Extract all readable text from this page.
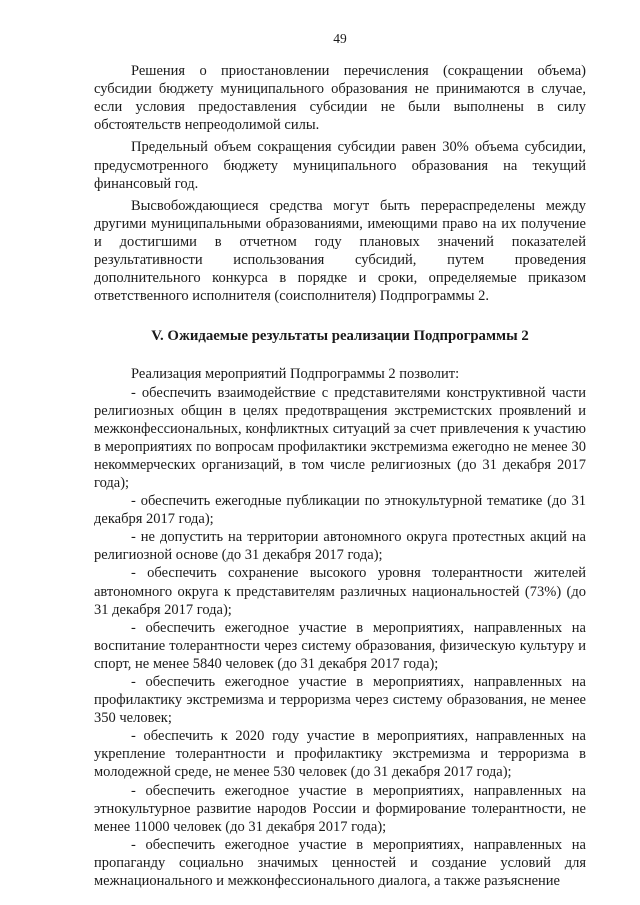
49

Решения о приостановлении перечисления (сокращении объема) субсидии бюджету муниципального образования не принимаются в случае, если условия предоставления субсидии не были выполнены в силу обстоятельств непреодолимой силы.

Предельный объем сокращения субсидии равен 30% объема субсидии, предусмотренного бюджету муниципального образования на текущий финансовый год.

Высвобождающиеся средства могут быть перераспределены между другими муниципальными образованиями, имеющими право на их получение и достигшими в отчетном году плановых значений показателей результативности использования субсидий, путем проведения дополнительного конкурса в порядке и сроки, определяемые приказом ответственного исполнителя (соисполнителя) Подпрограммы 2.

V. Ожидаемые результаты реализации Подпрограммы 2

Реализация мероприятий Подпрограммы 2 позволит:

- обеспечить взаимодействие с представителями конструктивной части религиозных общин в целях предотвращения экстремистских проявлений и межконфессиональных, конфликтных ситуаций за счет привлечения к участию в мероприятиях по вопросам профилактики экстремизма ежегодно не менее 30 некоммерческих организаций, в том числе религиозных (до 31 декабря 2017 года);
- обеспечить ежегодные публикации по этнокультурной тематике (до 31 декабря 2017 года);
- не допустить на территории автономного округа протестных акций на религиозной основе (до 31 декабря 2017 года);
- обеспечить сохранение высокого уровня толерантности жителей автономного округа к представителям различных национальностей (73%) (до 31 декабря 2017 года);
- обеспечить ежегодное участие в мероприятиях, направленных на воспитание толерантности через систему образования, физическую культуру и спорт, не менее 5840 человек (до 31 декабря 2017 года);
- обеспечить ежегодное участие в мероприятиях, направленных на профилактику экстремизма и терроризма через систему образования, не менее 350 человек;
- обеспечить к 2020 году участие в мероприятиях, направленных на укрепление толерантности и профилактику экстремизма и терроризма в молодежной среде, не менее 530 человек (до 31 декабря 2017 года);
- обеспечить ежегодное участие в мероприятиях, направленных на этнокультурное развитие народов России и формирование толерантности, не менее 11000 человек (до 31 декабря 2017 года);
- обеспечить ежегодное участие в мероприятиях, направленных на пропаганду социально значимых ценностей и создание условий для межнационального и межконфессионального диалога, а также разъяснение
